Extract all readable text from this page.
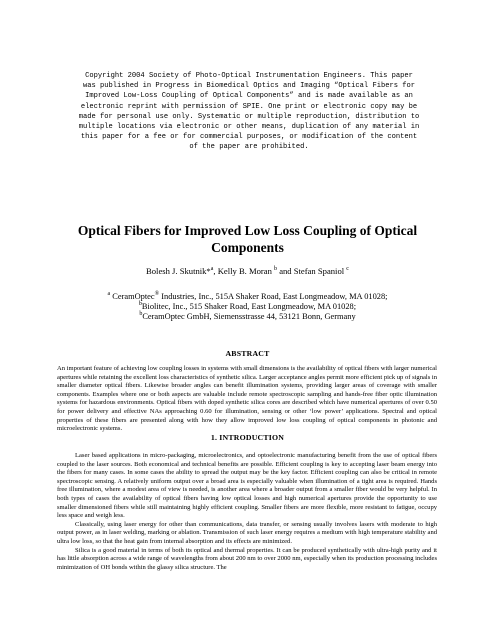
Copyright 2004 Society of Photo-Optical Instrumentation Engineers. This paper
was published in Progress in Biomedical Optics and Imaging “Optical Fibers for
Improved Low-Loss Coupling of Optical Components” and is made available as an
electronic reprint with permission of SPIE. One print or electronic copy may be
made for personal use only. Systematic or multiple reproduction, distribution to
multiple locations via electronic or other means, duplication of any material in
this paper for a fee or for commercial purposes, or modification of the content
of the paper are prohibited.
Optical Fibers for Improved Low Loss Coupling of Optical
Components
Bolesh J. Skutnik*$^a$, Kelly B. Moran $^b$ and Stefan Spaniol $^c$
$^a$ CeramOptec® Industries, Inc., 515A Shaker Road, East Longmeadow, MA 01028;
$^b$Biolitec, Inc., 515 Shaker Road, East Longmeadow, MA 01028;
$^b$CeramOptec GmbH, Siemensstrasse 44, 53121 Bonn, Germany
ABSTRACT
An important feature of achieving low coupling losses in systems with small dimensions is the availability of optical fibers with larger numerical apertures while retaining the excellent loss characteristics of synthetic silica. Larger acceptance angles permit more efficient pick up of signals in smaller diameter optical fibers. Likewise broader angles can benefit illumination systems, providing larger areas of coverage with smaller components. Examples where one or both aspects are valuable include remote spectroscopic sampling and hands-free fiber optic illumination systems for hazardous environments. Optical fibers with doped synthetic silica cores are described which have numerical apertures of over 0.50 for power delivery and effective NAs approaching 0.60 for illumination, sensing or other ‘low power’ applications. Spectral and optical properties of these fibers are presented along with how they allow improved low loss coupling of optical components in photonic and microelectronic systems.
1. INTRODUCTION

Laser based applications in micro-packaging, microelectronics, and optoelectronic manufacturing benefit from the use of optical fibers coupled to the laser sources. Both economical and technical benefits are possible. Efficient coupling is key to accepting laser beam energy into the fibers for many cases. In some cases the ability to spread the output may be the key factor. Efficient coupling can also be critical in remote spectroscopic sensing. A relatively uniform output over a broad area is especially valuable when illumination of a tight area is required. Hands free illumination, where a modest area of view is needed, is another area where a broader output from a smaller fiber would be very helpful. In both types of cases the availability of optical fibers having low optical losses and high numerical apertures provide the opportunity to use smaller dimensioned fibers while still maintaining highly efficient coupling. Smaller fibers are more flexible, more resistant to fatigue, occupy less space and weigh less.

Classically, using laser energy for other than communications, data transfer, or sensing usually involves lasers with moderate to high output power, as in laser welding, marking or ablation. Transmission of such laser energy requires a medium with high temperature stability and ultra low loss, so that the heat gain from internal absorption and its effects are minimized.

Silica is a good material in terms of both its optical and thermal properties. It can be produced synthetically with ultra-high purity and it has little absorption across a wide range of wavelengths from about 200 nm to over 2000 nm, especially when its production processing includes minimization of OH bonds within the glassy silica structure. The
